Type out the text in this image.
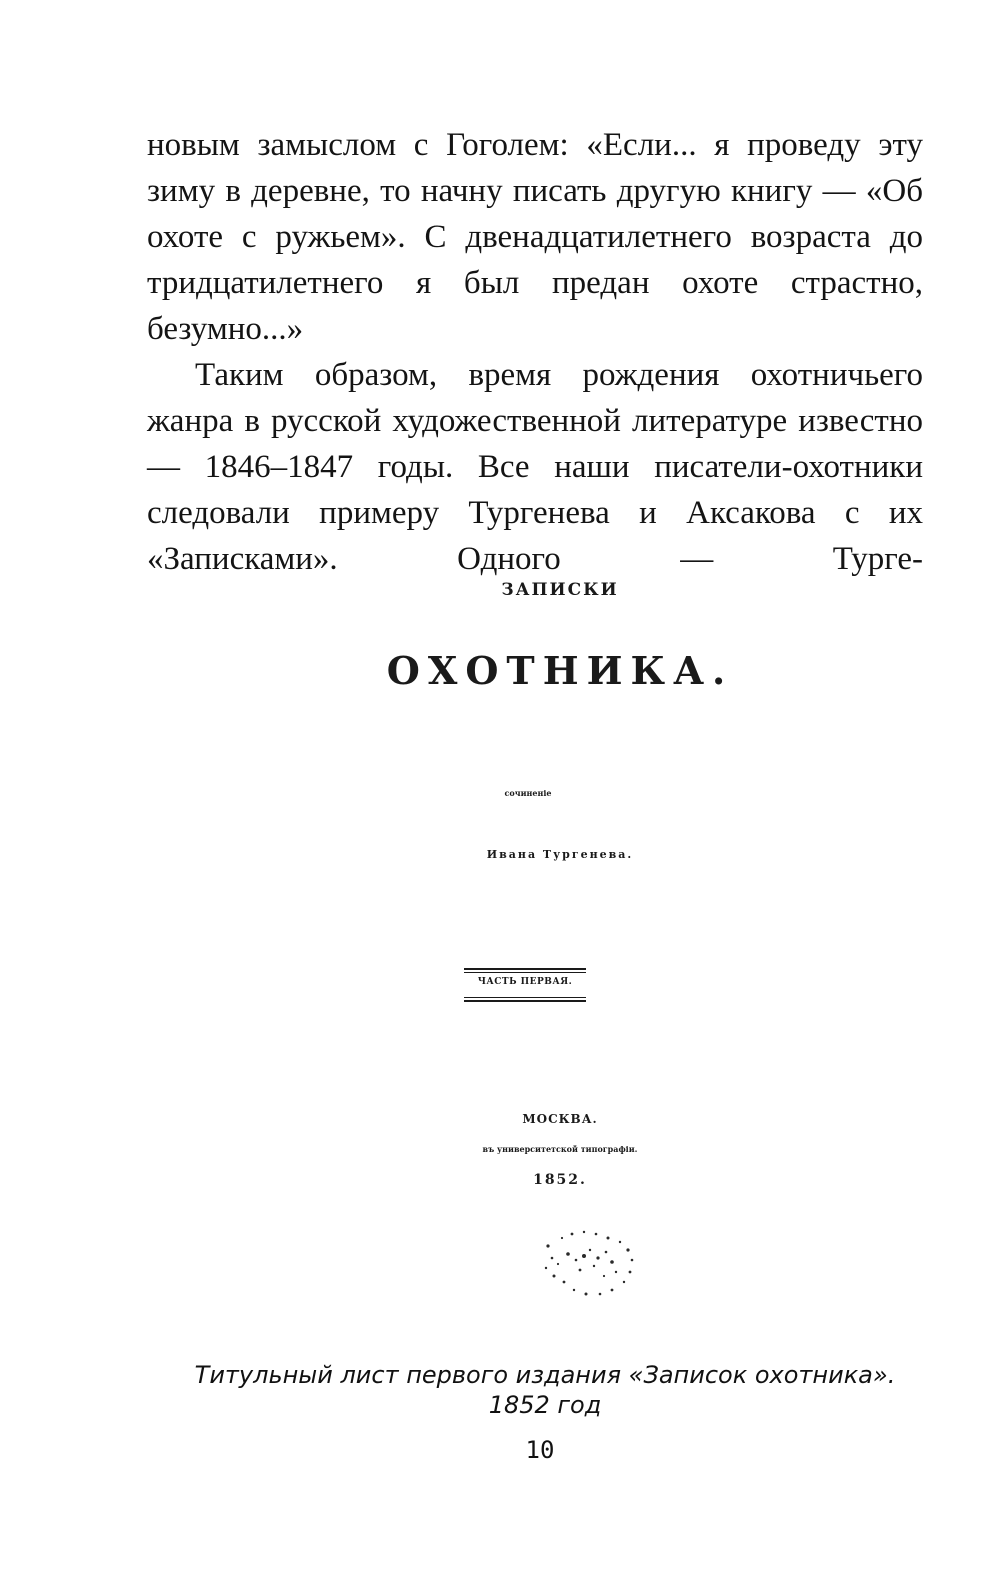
новым замыслом с Гоголем: «Если... я проведу эту зиму в деревне, то начну писать другую книгу — «Об охоте с ружьем». С двенадцатилетнего возраста до тридцатилетнего я был предан охоте страстно, безумно...»

Таким образом, время рождения охотничьего жанра в русской художественной литературе известно — 1846–1847 годы. Все наши писатели-охотники следовали примеру Тургенева и Аксакова с их «Записками». Одного — Турге-

ЗАПИСКИ
ОХОТНИКА.
сочиненіе
Ивана Тургенева.
ЧАСТЬ ПЕРВАЯ.
МОСКВА.
въ университетской типографіи.
1852.
Титульный лист первого издания «Записок охотника».
1852 год
10
